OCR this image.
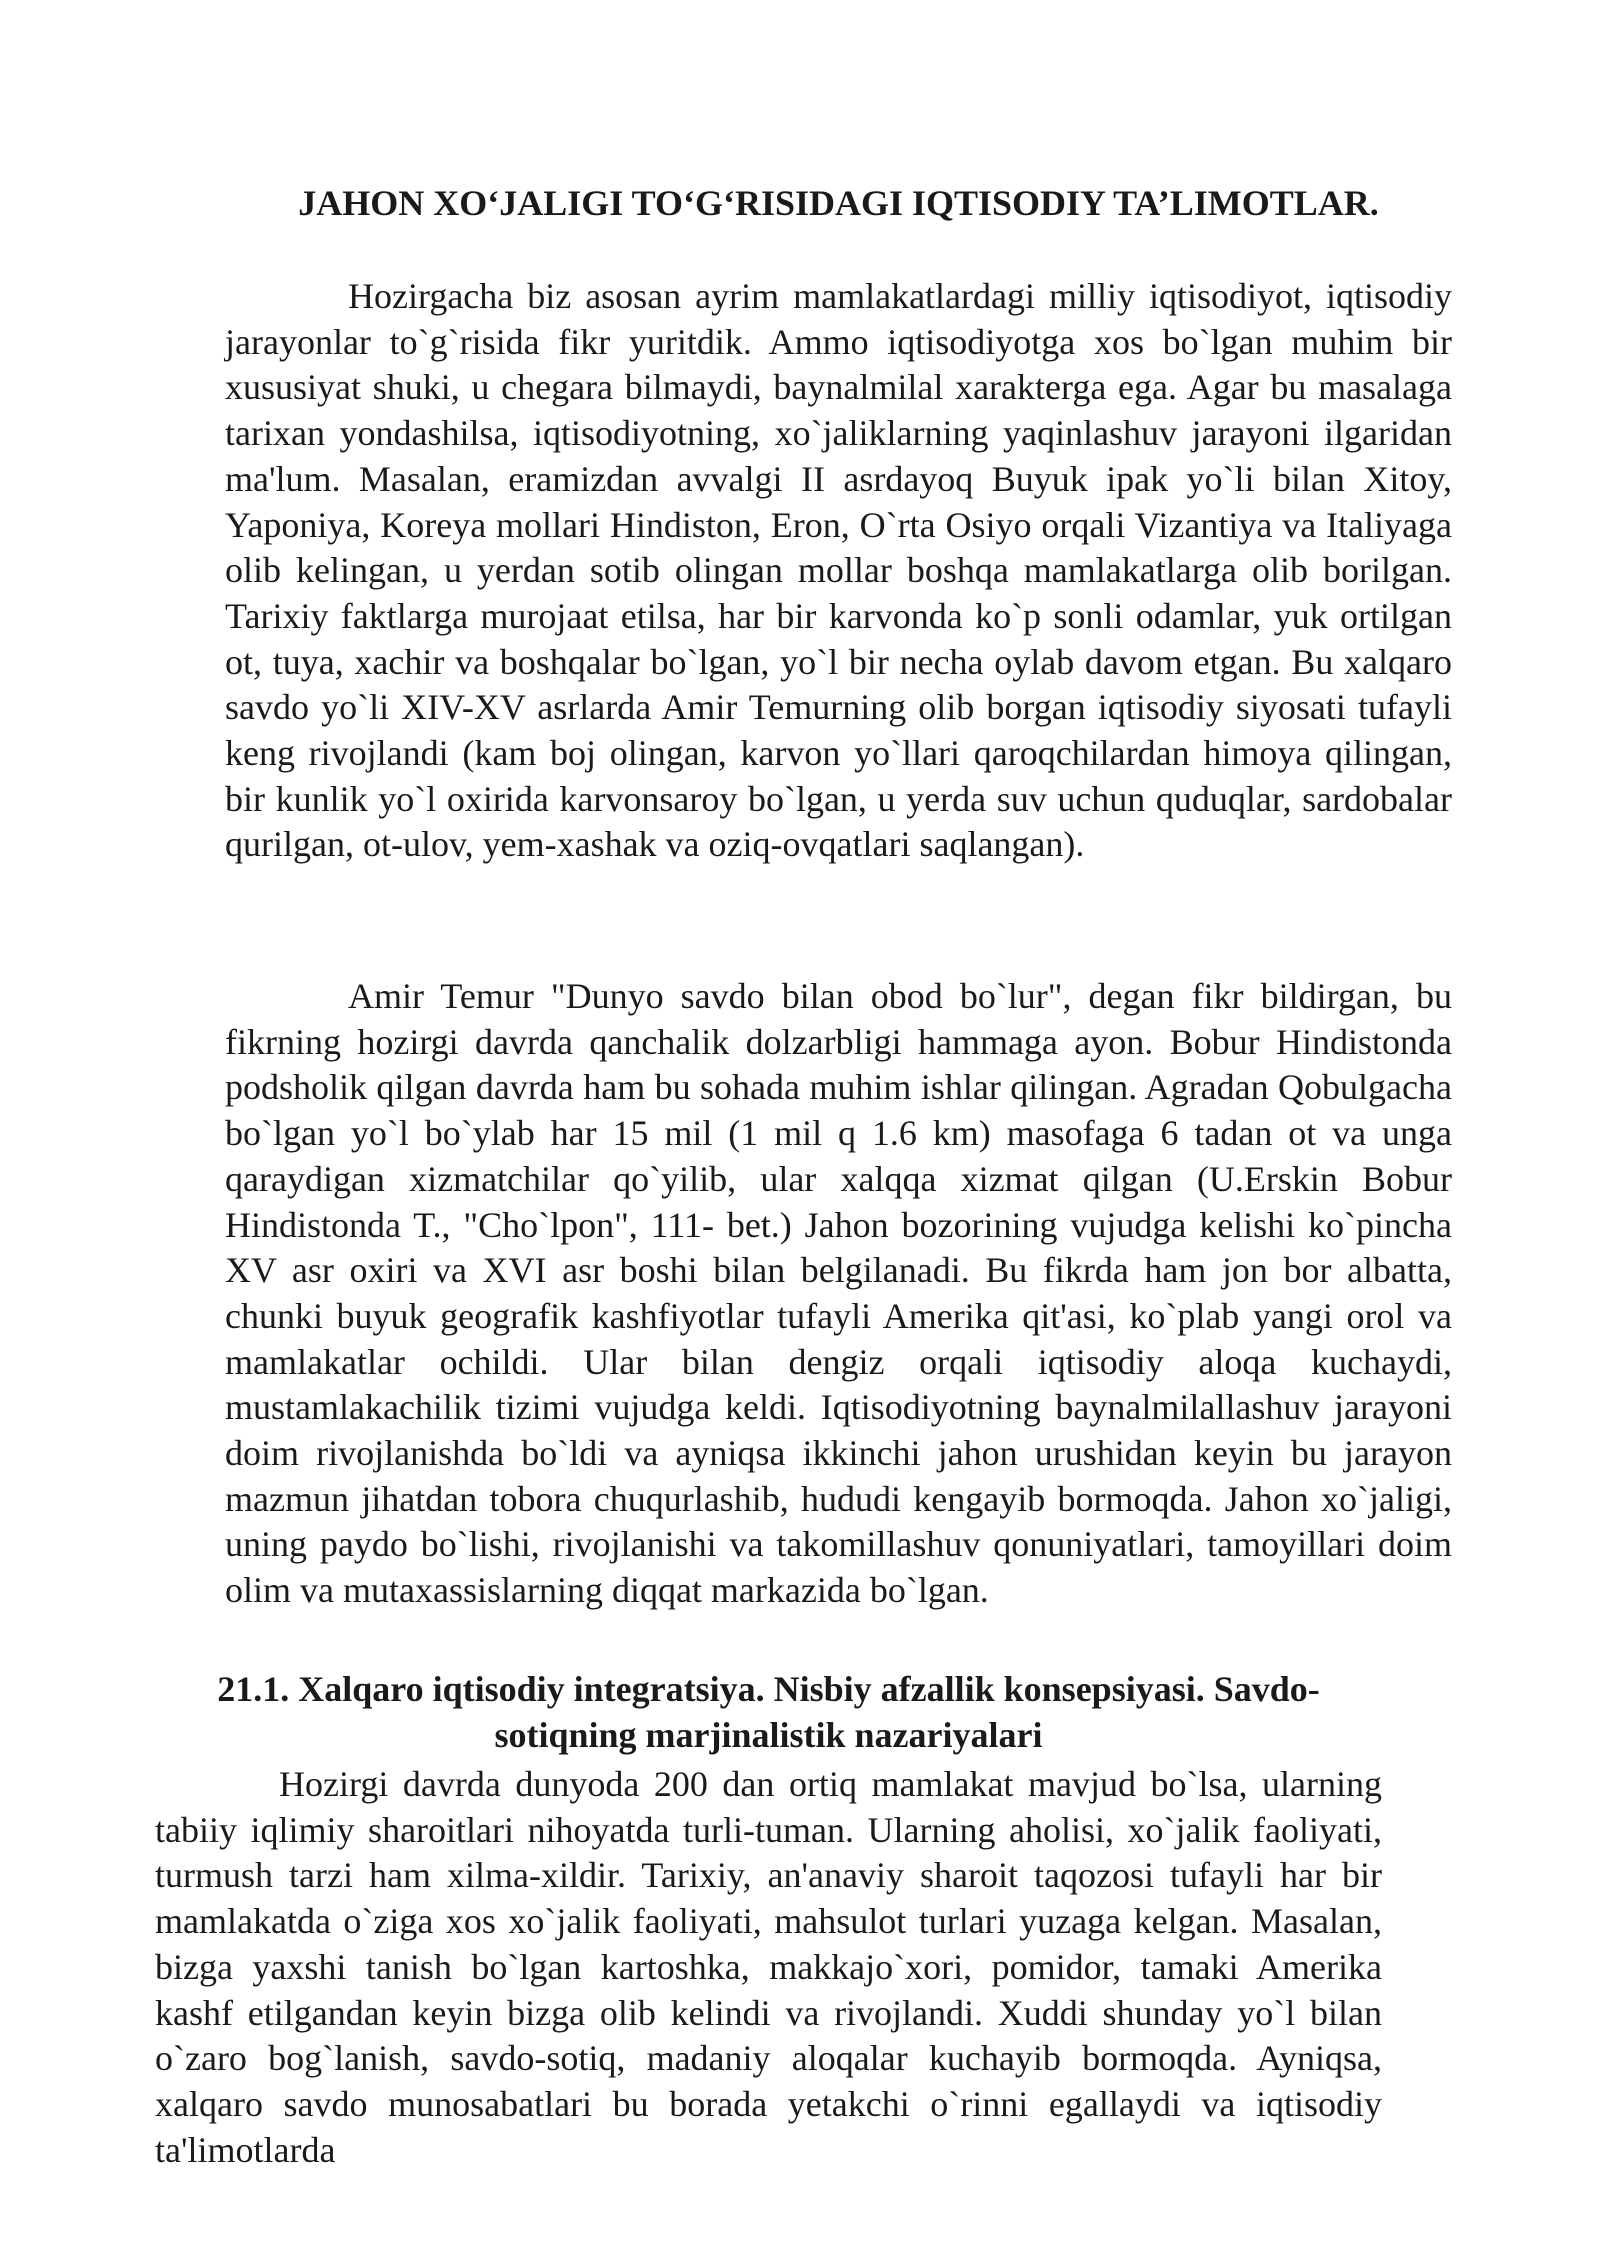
JAHON XO‘JALIGI TO‘G‘RISIDAGI IQTISODIY TA’LIMOTLAR.

Hozirgacha biz asosan ayrim mamlakatlardagi milliy iqtisodiyot, iqtisodiy jarayonlar to`g`risida fikr yuritdik. Ammo iqtisodiyotga xos bo`lgan muhim bir xususiyat shuki, u chegara bilmaydi, baynalmilal xarakterga ega. Agar bu masalaga tarixan yondashilsa, iqtisodiyotning, xo`jaliklarning yaqinlashuv jarayoni ilgaridan ma'lum. Masalan, eramizdan avvalgi II asrdayoq Buyuk ipak yo`li bilan Xitoy, Yaponiya, Koreya mollari Hindiston, Eron, O`rta Osiyo orqali Vizantiya va Italiyaga olib kelingan, u yerdan sotib olingan mollar boshqa mamlakatlarga olib borilgan. Tarixiy faktlarga murojaat etilsa, har bir karvonda ko`p sonli odamlar, yuk ortilgan ot, tuya, xachir va boshqalar bo`lgan, yo`l bir necha oylab davom etgan. Bu xalqaro savdo yo`li XIV-XV asrlarda Amir Temurning olib borgan iqtisodiy siyosati tufayli keng rivojlandi (kam boj olingan, karvon yo`llari qaroqchilardan himoya qilingan, bir kunlik yo`l oxirida karvonsaroy bo`lgan, u yerda suv uchun quduqlar, sardobalar qurilgan, ot-ulov, yem-xashak va oziq-ovqatlari saqlangan).

Amir Temur "Dunyo savdo bilan obod bo`lur", degan fikr bildirgan, bu fikrning hozirgi davrda qanchalik dolzarbligi hammaga ayon. Bobur Hindistonda podsholik qilgan davrda ham bu sohada muhim ishlar qilingan. Agradan Qobulgacha bo`lgan yo`l bo`ylab har 15 mil (1 mil q 1.6 km) masofaga 6 tadan ot va unga qaraydigan xizmatchilar qo`yilib, ular xalqqa xizmat qilgan (U.Erskin Bobur Hindistonda T., "Cho`lpon", 111- bet.) Jahon bozorining vujudga kelishi ko`pincha XV asr oxiri va XVI asr boshi bilan belgilanadi. Bu fikrda ham jon bor albatta, chunki buyuk geografik kashfiyotlar tufayli Amerika qit'asi, ko`plab yangi orol va mamlakatlar ochildi. Ular bilan dengiz orqali iqtisodiy aloqa kuchaydi, mustamlakachilik tizimi vujudga keldi. Iqtisodiyotning baynalmilallashuv jarayoni doim rivojlanishda bo`ldi va ayniqsa ikkinchi jahon urushidan keyin bu jarayon mazmun jihatdan tobora chuqurlashib, hududi kengayib bormoqda. Jahon xo`jaligi, uning paydo bo`lishi, rivojlanishi va takomillashuv qonuniyatlari, tamoyillari doim olim va mutaxassislarning diqqat markazida bo`lgan.

21.1. Xalqaro iqtisodiy integratsiya. Nisbiy afzallik konsepsiyasi. Savdo-sotiqning marjinalistik nazariyalari

Hozirgi davrda dunyoda 200 dan ortiq mamlakat mavjud bo`lsa, ularning tabiiy iqlimiy sharoitlari nihoyatda turli-tuman. Ularning aholisi, xo`jalik faoliyati, turmush tarzi ham xilma-xildir. Tarixiy, an'anaviy sharoit taqozosi tufayli har bir mamlakatda o`ziga xos xo`jalik faoliyati, mahsulot turlari yuzaga kelgan. Masalan, bizga yaxshi tanish bo`lgan kartoshka, makkajo`xori, pomidor, tamaki Amerika kashf etilgandan keyin bizga olib kelindi va rivojlandi. Xuddi shunday yo`l bilan o`zaro bog`lanish, savdo-sotiq, madaniy aloqalar kuchayib bormoqda. Ayniqsa, xalqaro savdo munosabatlari bu borada yetakchi o`rinni egallaydi va iqtisodiy ta'limotlarda
